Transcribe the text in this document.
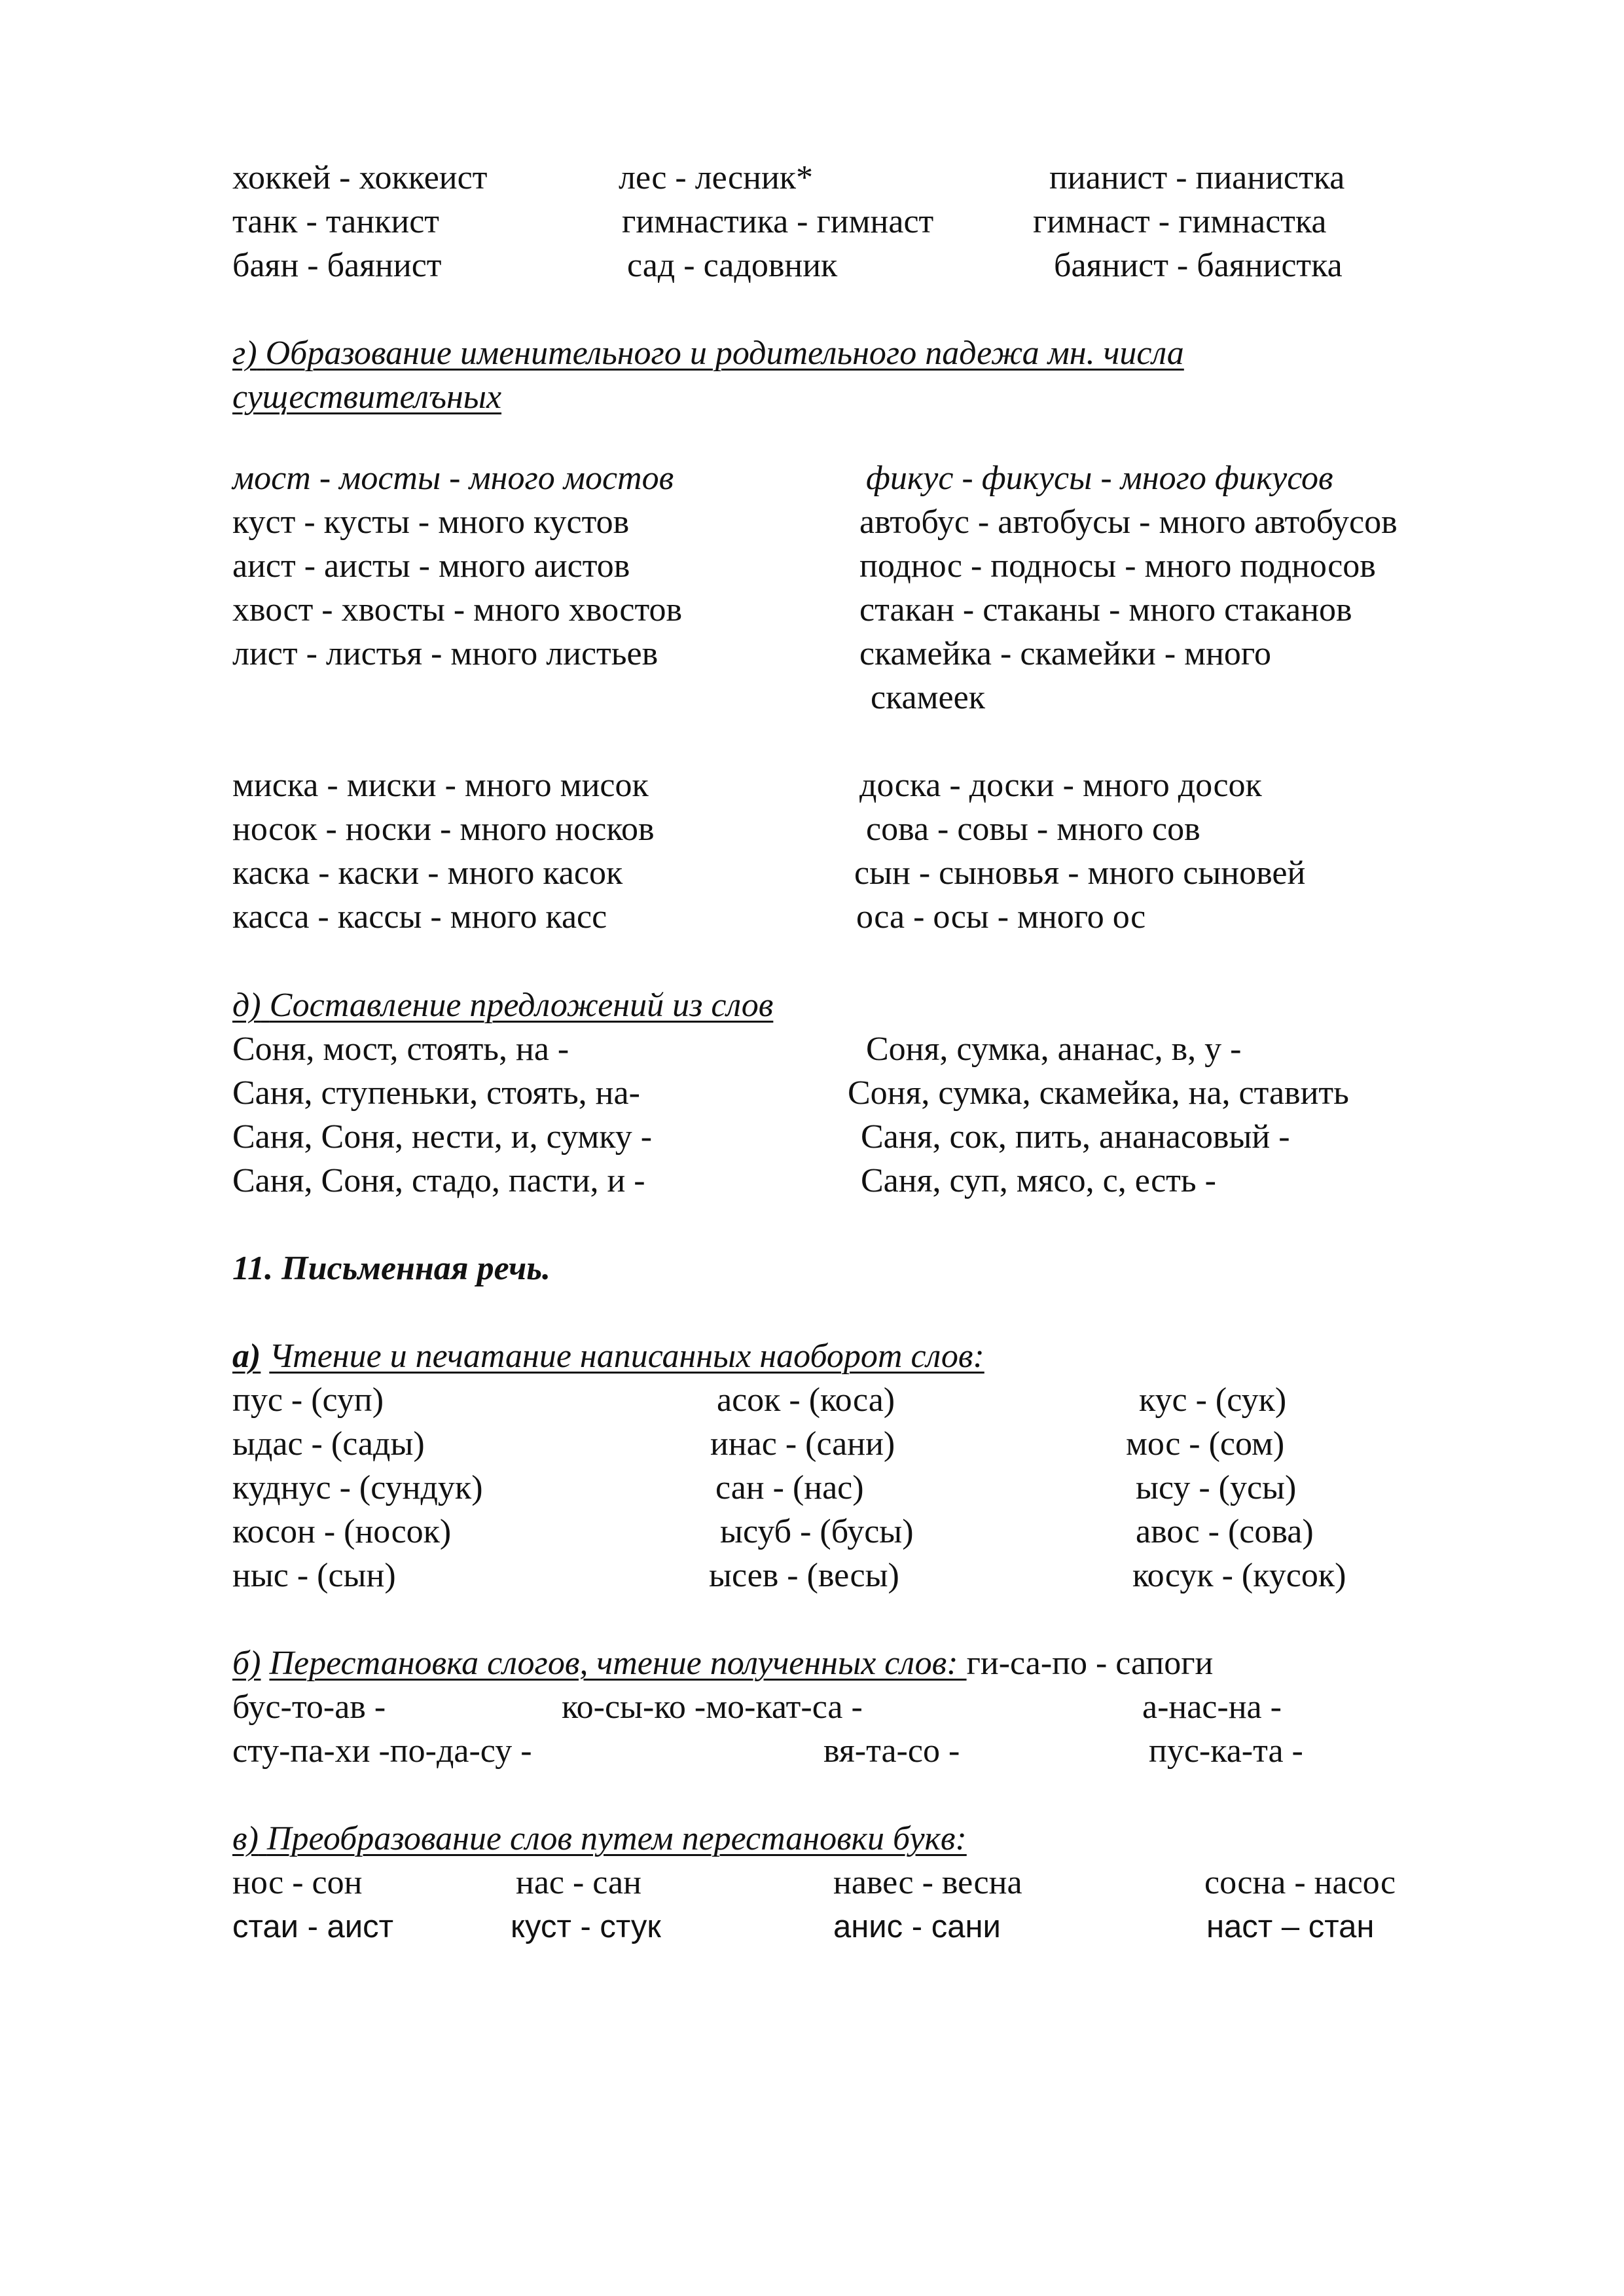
хоккей - хоккеист	лес - лесник*	пианист - пианистка
танк - танкист	гимнастика - гимнаст	гимнаст - гимнастка
баян - баянист	сад - садовник	баянист - баянистка
г) Образование именительного и родительного падежа мн. числа
существителъных
мост - мосты - много мостов	фикус - фикусы - много фикусов
куст - кусты - много кустов	автобус - автобусы - много автобусов
аист - аисты - много аистов	поднос - подносы - много подносов
хвост - хвосты - много хвостов	стакан - стаканы - много стаканов
лист - листья - много листьев	скамейка - скамейки - много
скамеек
миска - миски - много мисок	доска - доски - много досок
носок - носки - много носков	сова - совы - много сов
каска - каски - много касок	сын - сыновья - много сыновей
касса - кассы - много касс	оса - осы - много ос
д) Составление предложений из слов
Соня, мост, стоять, на -	Соня, сумка, ананас, в, у -
Саня, ступеньки, стоять, на-	Соня, сумка, скамейка, на, ставить
Саня, Соня, нести, и, сумку -	Саня, сок, пить, ананасовый -
Саня, Соня, стадо, пасти, и -	Саня, суп, мясо, с, есть -
11. Письменная речь.
а) Чтение и печатание написанных наоборот слов:
пус - (суп)	асок - (коса)	кус - (сук)
ыдас - (сады)	инас - (сани)	мос - (сом)
куднус - (сундук)	сан - (нас)	ысу - (усы)
косон - (носок)	ысуб - (бусы)	авос - (сова)
ныс - (сын)	ысев - (весы)	косук - (кусок)
б) Перестановка слогов, чтение полученных слов: ги-са-по - сапоги
бус-то-ав -	ко-сы-ко -мо-кат-са -	а-нас-на -
сту-па-хи -по-да-су -	вя-та-со -	пус-ка-та -
в) Преобразование слов путем перестановки букв:
нос - сон	нас - сан	навес - весна	сосна - насос
стаи - аист	куст - стук	анис - сани	наст – стан
